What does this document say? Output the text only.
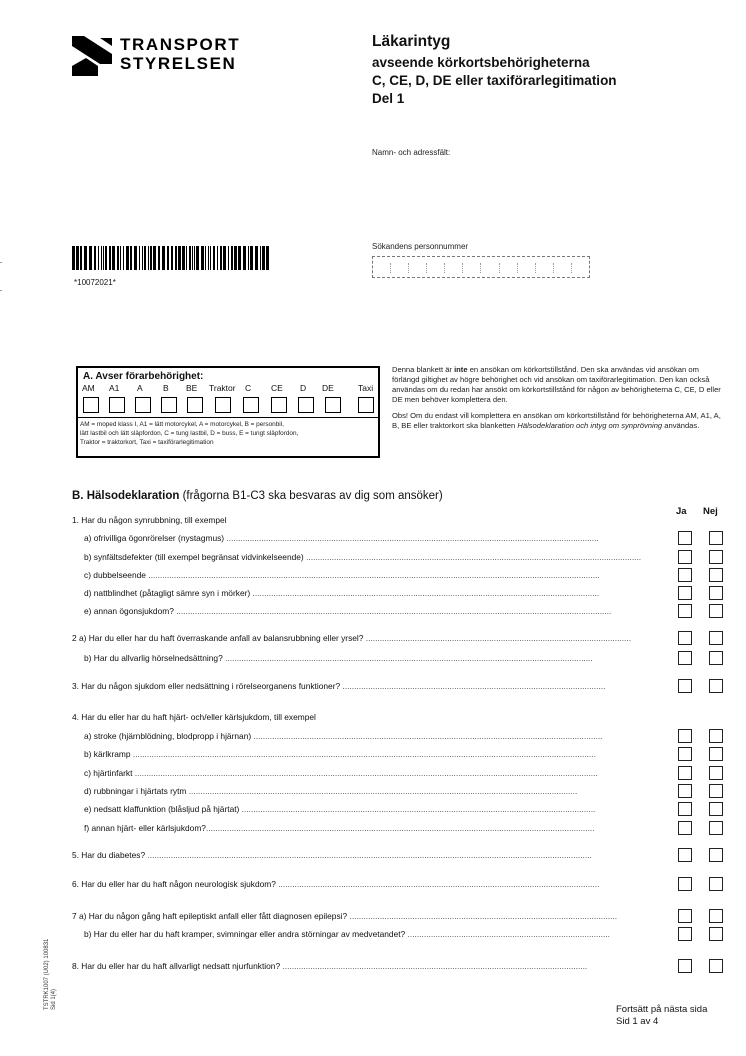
TRANSPORT
STYRELSEN
Läkarintyg
avseende körkortsbehörigheterna
C, CE, D, DE eller taxiförarlegitimation
Del 1
Namn- och adressfält:
Sökandens personnummer
*10072021*
A. Avser förarbehörighet:
AM A1 A B BE Traktor C CE D DE	Taxi
AM = moped klass I, A1 = lätt motorcykel, A = motorcykel, B = personbil,
lätt lastbil och lätt släpfordon, C = tung lastbil, D = buss, E = tungt släpfordon,
Traktor = traktorkort, Taxi = taxiförarlegitimation

Denna blankett är inte en ansökan om körkortstillstånd. Den ska användas vid ansökan om förlängd giltighet av högre behörighet och vid ansökan om taxiförarlegitimation. Den kan också användas om du redan har ansökt om körkortstillstånd för någon av behörigheterna C, CE, D eller DE men behöver komplettera den.

Obs! Om du endast vill komplettera en ansökan om körkortstillstånd för behörigheterna AM, A1, A, B, BE eller traktorkort ska blanketten Hälsodeklaration och intyg om synprövning användas.

B. Hälsodeklaration (frågorna B1-C3 ska besvaras av dig som ansöker)
Ja Nej
1. Har du någon synrubbning, till exempel
a) ofrivilliga ögonrörelser (nystagmus) ................................................................................................................................................................
b) synfältsdefekter (till exempel begränsat vidvinkelseende) ................................................................................................................................................
c) dubbelseende ..................................................................................................................................................................................................
d) nattblindhet (påtagligt sämre syn i mörker) .....................................................................................................................................................
e) annan ögonsjukdom? ...........................................................................................................................................................................................
2 a) Har du eller har du haft överraskande anfall av balansrubbning eller yrsel? ..................................................................................................................
b) Har du allvarlig hörselnedsättning? ..............................................................................................................................................................
3. Har du någon sjukdom eller nedsättning i rörelseorganens funktioner? .................................................................................................................
4. Har du eller har du haft hjärt- och/eller kärlsjukdom, till exempel
a) stroke (hjärnblödning, blodpropp i hjärnan) ......................................................................................................................................................
b) kärlkramp .......................................................................................................................................................................................................
c) hjärtinfarkt .......................................................................................................................................................................................................
d) rubbningar i hjärtats rytm .......................................................................................................................................................................
e) nedsatt klaffunktion (blåsljud på hjärtat) ........................................................................................................................................................
f) annan hjärt- eller kärlsjukdom?.......................................................................................................................................................................
5. Har du diabetes? ...............................................................................................................................................................................................
6. Har du eller har du haft någon neurologisk sjukdom? ..........................................................................................................................................
7 a) Har du någon gång haft epileptiskt anfall eller fått diagnosen epilepsi? ...................................................................................................................
b) Har du eller har du haft kramper, svimningar eller andra störningar av medvetandet? .......................................................................................
8. Har du eller har du haft allvarligt nedsatt njurfunktion? ...................................................................................................................................
Fortsätt på nästa sida
Sid 1 av 4
TSTRK1007 (U02) 100831 Sid 1(4)
